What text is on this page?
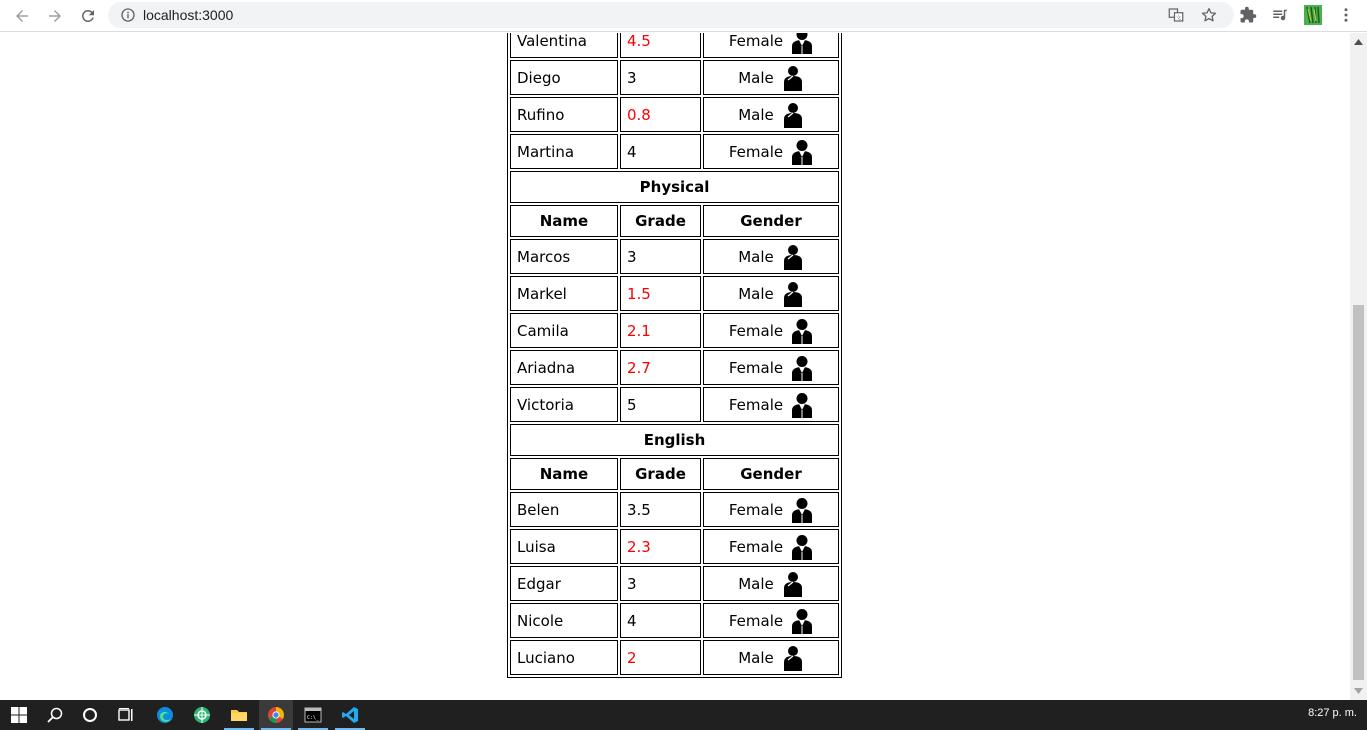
localhost:3000	文
Valentina	4.5	Female

Diego	3	Male

Rufino	0.8	Male

Martina	4	Female

Physical		
Name	Grade	Gender
Marcos	3	Male

Markel	1.5	Male

Camila	2.1	Female

Ariadna	2.7	Female

Victoria	5	Female

English		
Name	Grade	Gender
Belen	3.5	Female

Luisa	2.3	Female

Edgar	3	Male

Nicole	4	Female

Luciano	2	Male
C:\_	8:27 p. m.
